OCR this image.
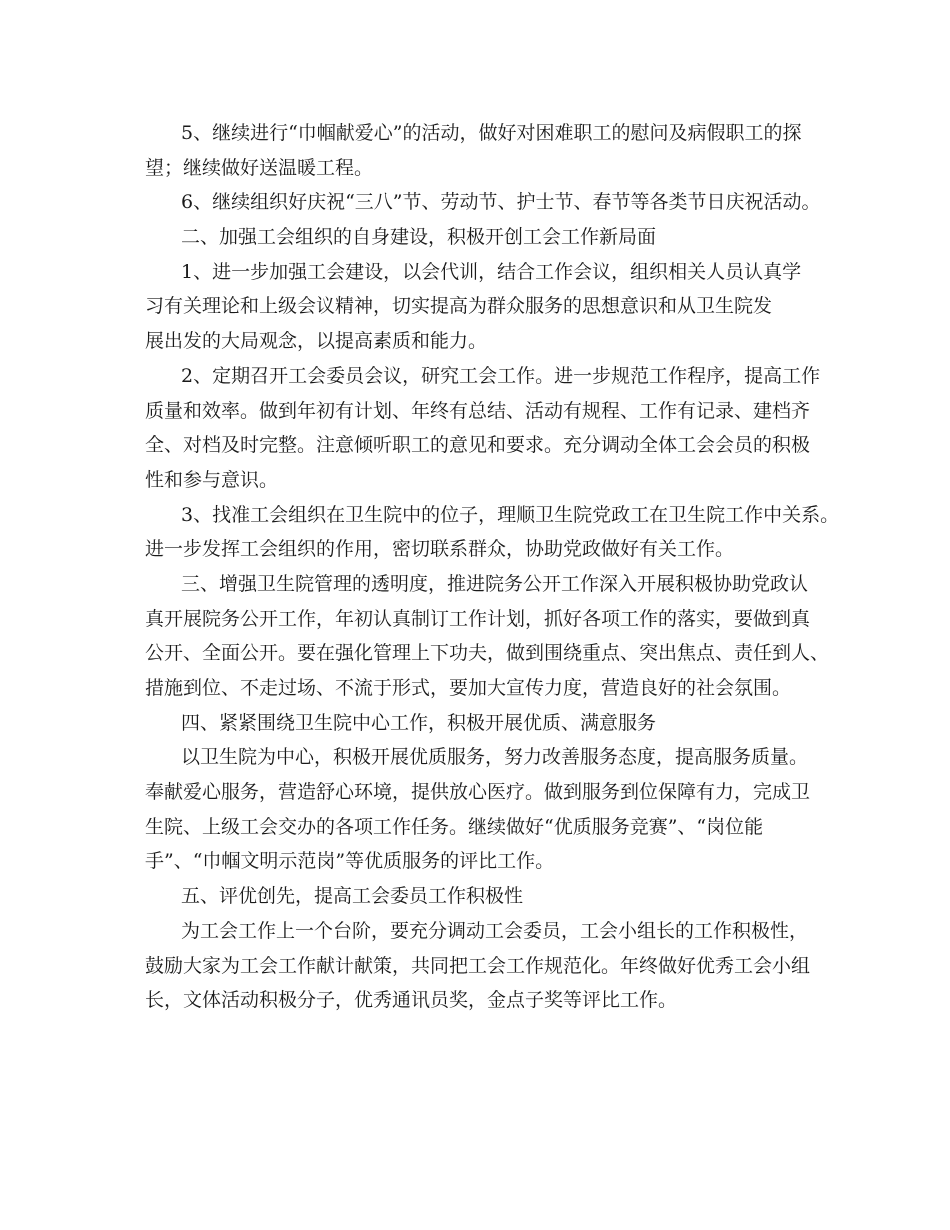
5、继续进行“巾帼献爱心”的活动，做好对困难职工的慰问及病假职工的探
望；继续做好送温暖工程。
6、继续组织好庆祝“三八”节、劳动节、护士节、春节等各类节日庆祝活动。
二、加强工会组织的自身建设，积极开创工会工作新局面
1、进一步加强工会建设，以会代训，结合工作会议，组织相关人员认真学
习有关理论和上级会议精神，切实提高为群众服务的思想意识和从卫生院发
展出发的大局观念，以提高素质和能力。
2、定期召开工会委员会议，研究工会工作。进一步规范工作程序，提高工作
质量和效率。做到年初有计划、年终有总结、活动有规程、工作有记录、建档齐
全、对档及时完整。注意倾听职工的意见和要求。充分调动全体工会会员的积极
性和参与意识。
3、找准工会组织在卫生院中的位子，理顺卫生院党政工在卫生院工作中关系。
进一步发挥工会组织的作用，密切联系群众，协助党政做好有关工作。
三、增强卫生院管理的透明度，推进院务公开工作深入开展积极协助党政认
真开展院务公开工作，年初认真制订工作计划，抓好各项工作的落实，要做到真
公开、全面公开。要在强化管理上下功夫，做到围绕重点、突出焦点、责任到人、
措施到位、不走过场、不流于形式，要加大宣传力度，营造良好的社会氛围。
四、紧紧围绕卫生院中心工作，积极开展优质、满意服务
以卫生院为中心，积极开展优质服务，努力改善服务态度，提高服务质量。
奉献爱心服务，营造舒心环境，提供放心医疗。做到服务到位保障有力，完成卫
生院、上级工会交办的各项工作任务。继续做好“优质服务竞赛”、“岗位能
手”、“巾帼文明示范岗”等优质服务的评比工作。
五、评优创先，提高工会委员工作积极性
为工会工作上一个台阶，要充分调动工会委员，工会小组长的工作积极性，
鼓励大家为工会工作献计献策，共同把工会工作规范化。年终做好优秀工会小组
长，文体活动积极分子，优秀通讯员奖，金点子奖等评比工作。
